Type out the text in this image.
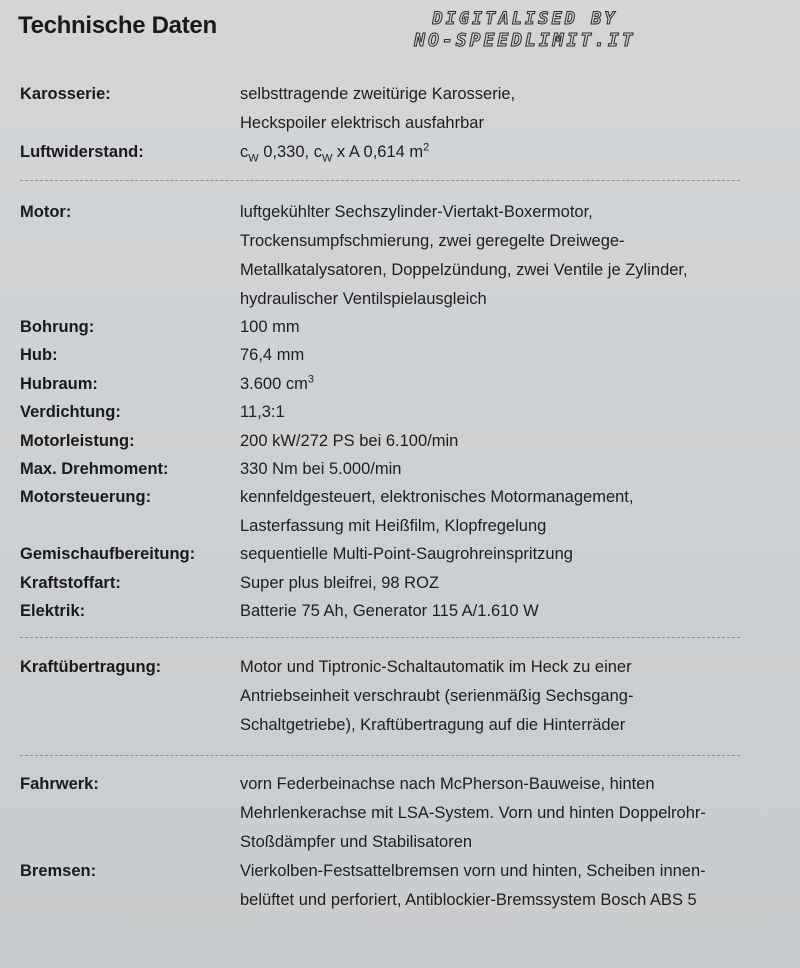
Technische Daten	DIGITALISED BY
NO-SPEEDLIMIT.IT
Karosserie:	selbsttragende zweitürige Karosserie,
Heckspoiler elektrisch ausfahrbar
Luftwiderstand:	$c_W$ 0,330, $c_W$ x A 0,614 $m^2$
Motor:	luftgekühlter Sechszylinder-Viertakt-Boxermotor,
Trockensumpfschmierung, zwei geregelte Dreiwege-
Metallkatalysatoren, Doppelzündung, zwei Ventile je Zylinder,
hydraulischer Ventilspielausgleich
Bohrung:	100 mm
Hub:	76,4 mm
Hubraum:	3.600 $cm^3$
Verdichtung:	11,3:1
Motorleistung:	200 kW/272 PS bei 6.100/min
Max. Drehmoment:	330 Nm bei 5.000/min
Motorsteuerung:	kennfeldgesteuert, elektronisches Motormanagement,
Lasterfassung mit Heißfilm, Klopfregelung
Gemischaufbereitung:	sequentielle Multi-Point-Saugrohreinspritzung
Kraftstoffart:	Super plus bleifrei, 98 ROZ
Elektrik:	Batterie 75 Ah, Generator 115 A/1.610 W
Kraftübertragung:	Motor und Tiptronic-Schaltautomatik im Heck zu einer
Antriebseinheit verschraubt (serienmäßig Sechsgang-
Schaltgetriebe), Kraftübertragung auf die Hinterräder
Fahrwerk:	vorn Federbeinachse nach McPherson-Bauweise, hinten
Mehrlenkerachse mit LSA-System. Vorn und hinten Doppelrohr-
Stoßdämpfer und Stabilisatoren
Bremsen:	Vierkolben-Festsattelbremsen vorn und hinten, Scheiben innen-
belüftet und perforiert, Antiblockier-Bremssystem Bosch ABS 5
